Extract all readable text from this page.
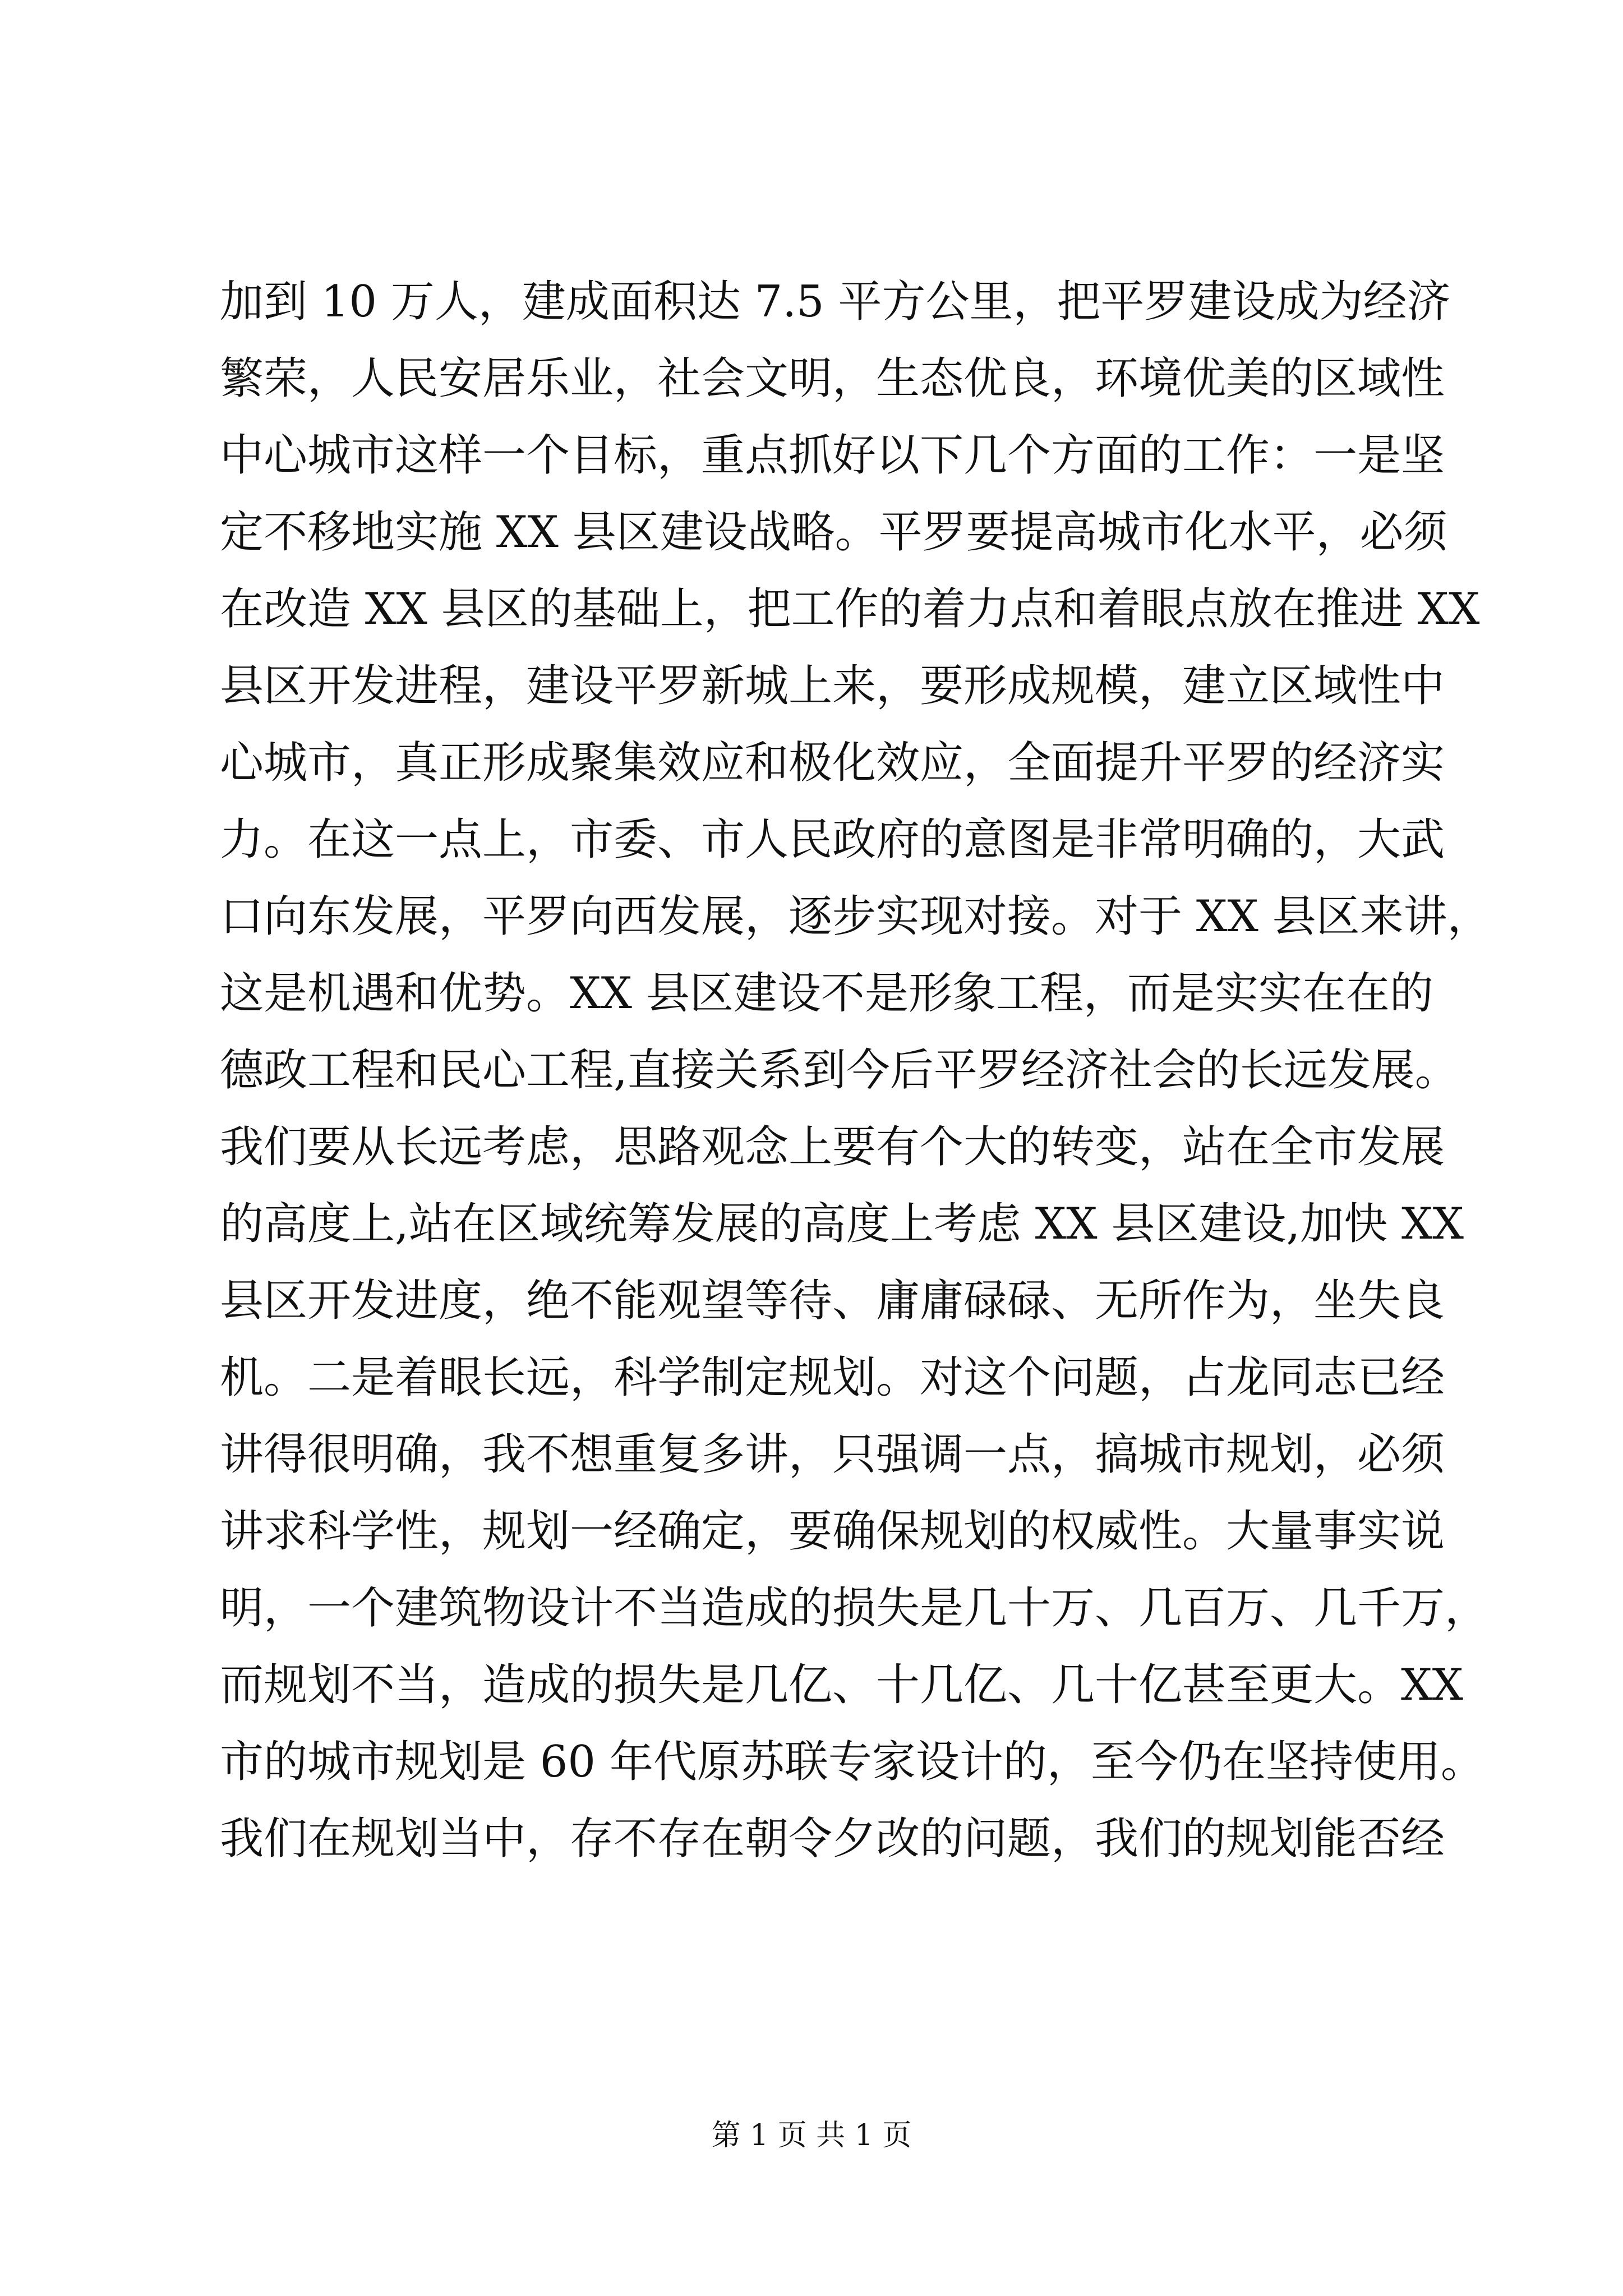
加到 10 万人，建成面积达 7.5 平方公里，把平罗建设成为经济
繁荣，人民安居乐业，社会文明，生态优良，环境优美的区域性
中心城市这样一个目标，重点抓好以下几个方面的工作：一是坚
定不移地实施 XX 县区建设战略。平罗要提高城市化水平，必须
在改造 XX 县区的基础上，把工作的着力点和着眼点放在推进 XX
县区开发进程，建设平罗新城上来，要形成规模，建立区域性中
心城市，真正形成聚集效应和极化效应，全面提升平罗的经济实
力。在这一点上，市委、市人民政府的意图是非常明确的，大武
口向东发展，平罗向西发展，逐步实现对接。对于 XX 县区来讲，
这是机遇和优势。XX 县区建设不是形象工程，而是实实在在的
德政工程和民心工程,直接关系到今后平罗经济社会的长远发展。
我们要从长远考虑，思路观念上要有个大的转变，站在全市发展
的高度上,站在区域统筹发展的高度上考虑 XX 县区建设,加快 XX
县区开发进度，绝不能观望等待、庸庸碌碌、无所作为，坐失良
机。二是着眼长远，科学制定规划。对这个问题，占龙同志已经
讲得很明确，我不想重复多讲，只强调一点，搞城市规划，必须
讲求科学性，规划一经确定，要确保规划的权威性。大量事实说
明，一个建筑物设计不当造成的损失是几十万、几百万、几千万，
而规划不当，造成的损失是几亿、十几亿、几十亿甚至更大。XX
市的城市规划是 60 年代原苏联专家设计的，至今仍在坚持使用。
我们在规划当中，存不存在朝令夕改的问题，我们的规划能否经
第 1 页 共 1 页
